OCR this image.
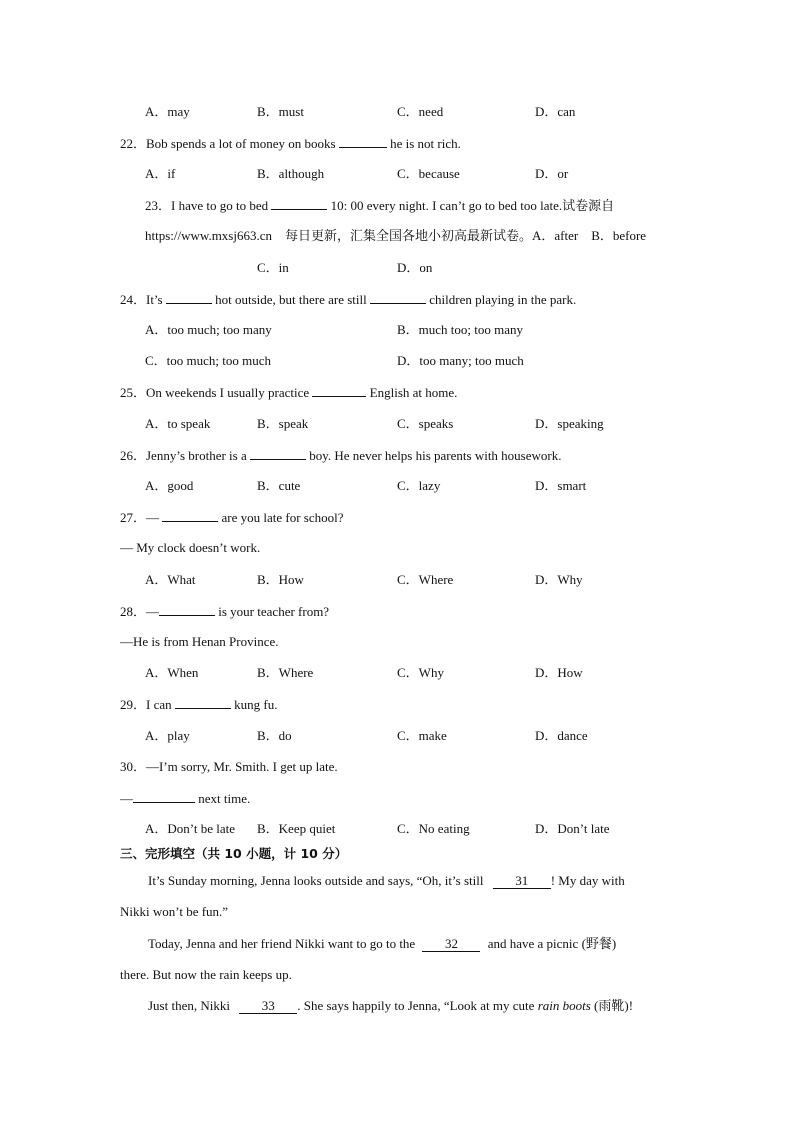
A．may	B．must	C．need	D．can
22．Bob spends a lot of money on books	he is not rich.
A．if	B．although	C．because	D．or
23．I have to go to bed	10: 00 every night. I can’t go to bed too late.试卷源自
https://www.mxsj663.cn　每日更新，汇集全国各地小初高最新试卷。A．after　B．before
C．in	D．on
24．It’s	hot outside, but there are still	children playing in the park.
A．too much; too many	B．much too; too many
C．too much; too much	D．too many; too much
25．On weekends I usually practice	English at home.
A．to speak	B．speak	C．speaks	D．speaking
26．Jenny’s brother is a	boy. He never helps his parents with housework.
A．good	B．cute	C．lazy	D．smart
27．—	are you late for school?
— My clock doesn’t work.
A．What	B．How	C．Where	D．Why
28．—	is your teacher from?
—He is from Henan Province.
A．When	B．Where	C．Why	D．How
29．I can	kung fu.
A．play	B．do	C．make	D．dance
30．—I’m sorry, Mr. Smith. I get up late.
—	next time.
A．Don’t be late B．Keep quiet	C．No eating	D．Don’t late
三、完形填空（共 10 小题，计 10 分）
It’s Sunday morning, Jenna looks outside and says, “Oh, it’s still 31 ! My day with
Nikki won’t be fun.”
Today, Jenna and her friend Nikki want to go to the 32 and have a picnic (野餐)
there. But now the rain keeps up.
Just then, Nikki 33 . She says happily to Jenna, “Look at my cute rain boots (雨靴)!
